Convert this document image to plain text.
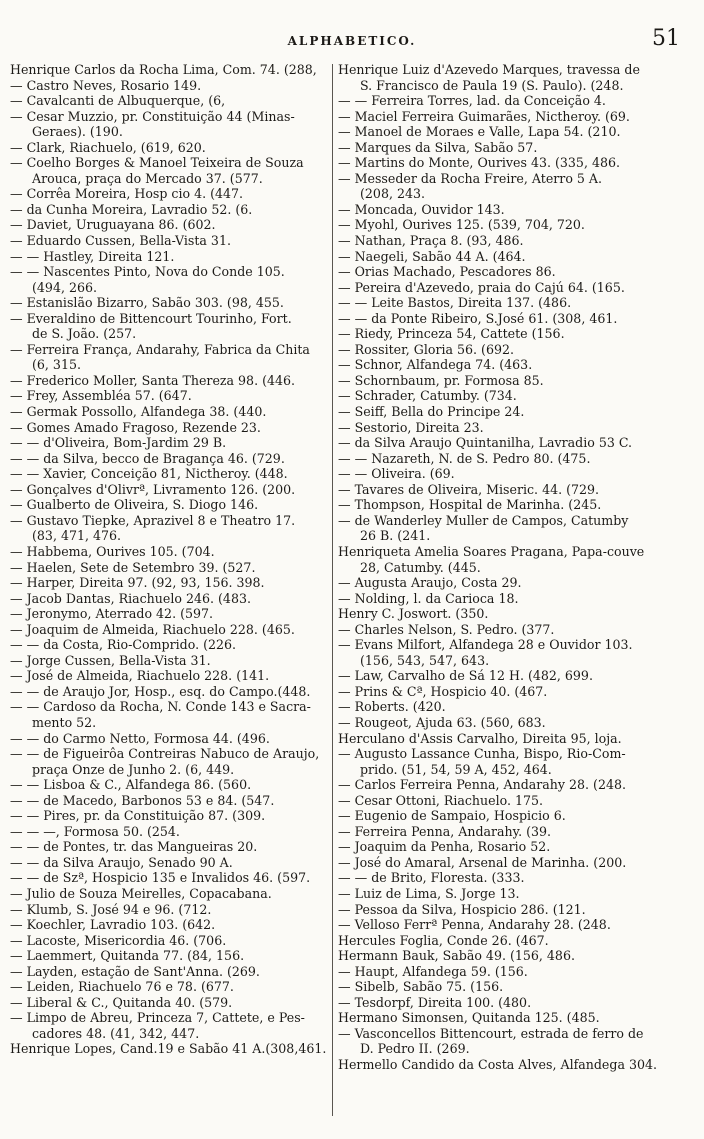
ALPHABETICO.	51
Henrique Carlos da Rocha Lima, Com. 74. (288,
— Castro Neves, Rosario 149.
— Cavalcanti de Albuquerque, (6,
— Cesar Muzzio, pr. Constituição 44 (Minas-
Geraes). (190.
— Clark, Riachuelo, (619, 620.
— Coelho Borges & Manoel Teixeira de Souza
Arouca, praça do Mercado 37. (577.
— Corrêa Moreira, Hosp cio 4. (447.
— da Cunha Moreira, Lavradio 52. (6.
— Daviet, Uruguayana 86. (602.
— Eduardo Cussen, Bella-Vista 31.
— — Hastley, Direita 121.
— — Nascentes Pinto, Nova do Conde 105.
(494, 266.
— Estanislão Bizarro, Sabão 303. (98, 455.
— Everaldino de Bittencourt Tourinho, Fort.
de S. João. (257.
— Ferreira França, Andarahy, Fabrica da Chita
(6, 315.
— Frederico Moller, Santa Thereza 98. (446.
— Frey, Assembléa 57. (647.
— Germak Possollo, Alfandega 38. (440.
— Gomes Amado Fragoso, Rezende 23.
— — d'Oliveira, Bom-Jardim 29 B.
— — da Silva, becco de Bragança 46. (729.
— — Xavier, Conceição 81, Nictheroy. (448.
— Gonçalves d'Olivrª, Livramento 126. (200.
— Gualberto de Oliveira, S. Diogo 146.
— Gustavo Tiepke, Aprazivel 8 e Theatro 17.
(83, 471, 476.
— Habbema, Ourives 105. (704.
— Haelen, Sete de Setembro 39. (527.
— Harper, Direita 97. (92, 93, 156. 398.
— Jacob Dantas, Riachuelo 246. (483.
— Jeronymo, Aterrado 42. (597.
— Joaquim de Almeida, Riachuelo 228. (465.
— — da Costa, Rio-Comprido. (226.
— Jorge Cussen, Bella-Vista 31.
— José de Almeida, Riachuelo 228. (141.
— — de Araujo Jor, Hosp., esq. do Campo.(448.
— — Cardoso da Rocha, N. Conde 143 e Sacra-
mento 52.
— — do Carmo Netto, Formosa 44. (496.
— — de Figueirôa Contreiras Nabuco de Araujo,
praça Onze de Junho 2. (6, 449.
— — Lisboa & C., Alfandega 86. (560.
— — de Macedo, Barbonos 53 e 84. (547.
— — Pires, pr. da Constituição 87. (309.
— — —, Formosa 50. (254.
— — de Pontes, tr. das Mangueiras 20.
— — da Silva Araujo, Senado 90 A.
— — de Szª, Hospicio 135 e Invalidos 46. (597.
— Julio de Souza Meirelles, Copacabana.
— Klumb, S. José 94 e 96. (712.
— Koechler, Lavradio 103. (642.
— Lacoste, Misericordia 46. (706.
— Laemmert, Quitanda 77. (84, 156.
— Layden, estação de Sant'Anna. (269.
— Leiden, Riachuelo 76 e 78. (677.
— Liberal & C., Quitanda 40. (579.
— Limpo de Abreu, Princeza 7, Cattete, e Pes-
cadores 48. (41, 342, 447.
Henrique Lopes, Cand.19 e Sabão 41 A.(308,461.
Henrique Luiz d'Azevedo Marques, travessa de
S. Francisco de Paula 19 (S. Paulo). (248.
— — Ferreira Torres, lad. da Conceição 4.
— Maciel Ferreira Guimarães, Nictheroy. (69.
— Manoel de Moraes e Valle, Lapa 54. (210.
— Marques da Silva, Sabão 57.
— Martins do Monte, Ourives 43. (335, 486.
— Messeder da Rocha Freire, Aterro 5 A.
(208, 243.
— Moncada, Ouvidor 143.
— Myohl, Ourives 125. (539, 704, 720.
— Nathan, Praça 8. (93, 486.
— Naegeli, Sabão 44 A. (464.
— Orias Machado, Pescadores 86.
— Pereira d'Azevedo, praia do Cajú 64. (165.
— — Leite Bastos, Direita 137. (486.
— — da Ponte Ribeiro, S.José 61. (308, 461.
— Riedy, Princeza 54, Cattete (156.
— Rossiter, Gloria 56. (692.
— Schnor, Alfandega 74. (463.
— Schornbaum, pr. Formosa 85.
— Schrader, Catumby. (734.
— Seiff, Bella do Principe 24.
— Sestorio, Direita 23.
— da Silva Araujo Quintanilha, Lavradio 53 C.
— — Nazareth, N. de S. Pedro 80. (475.
— — Oliveira. (69.
— Tavares de Oliveira, Miseric. 44. (729.
— Thompson, Hospital de Marinha. (245.
— de Wanderley Muller de Campos, Catumby
26 B. (241.
Henriqueta Amelia Soares Pragana, Papa-couve
28, Catumby. (445.
— Augusta Araujo, Costa 29.
— Nolding, l. da Carioca 18.
Henry C. Joswort. (350.
— Charles Nelson, S. Pedro. (377.
— Evans Milfort, Alfandega 28 e Ouvidor 103.
(156, 543, 547, 643.
— Law, Carvalho de Sá 12 H. (482, 699.
— Prins & Cª, Hospicio 40. (467.
— Roberts. (420.
— Rougeot, Ajuda 63. (560, 683.
Herculano d'Assis Carvalho, Direita 95, loja.
— Augusto Lassance Cunha, Bispo, Rio-Com-
prido. (51, 54, 59 A, 452, 464.
— Carlos Ferreira Penna, Andarahy 28. (248.
— Cesar Ottoni, Riachuelo. 175.
— Eugenio de Sampaio, Hospicio 6.
— Ferreira Penna, Andarahy. (39.
— Joaquim da Penha, Rosario 52.
— José do Amaral, Arsenal de Marinha. (200.
— — de Brito, Floresta. (333.
— Luiz de Lima, S. Jorge 13.
— Pessoa da Silva, Hospicio 286. (121.
— Velloso Ferrª Penna, Andarahy 28. (248.
Hercules Foglia, Conde 26. (467.
Hermann Bauk, Sabão 49. (156, 486.
— Haupt, Alfandega 59. (156.
— Sibelb, Sabão 75. (156.
— Tesdorpf, Direita 100. (480.
Hermano Simonsen, Quitanda 125. (485.
— Vasconcellos Bittencourt, estrada de ferro de
D. Pedro II. (269.
Hermello Candido da Costa Alves, Alfandega 304.
